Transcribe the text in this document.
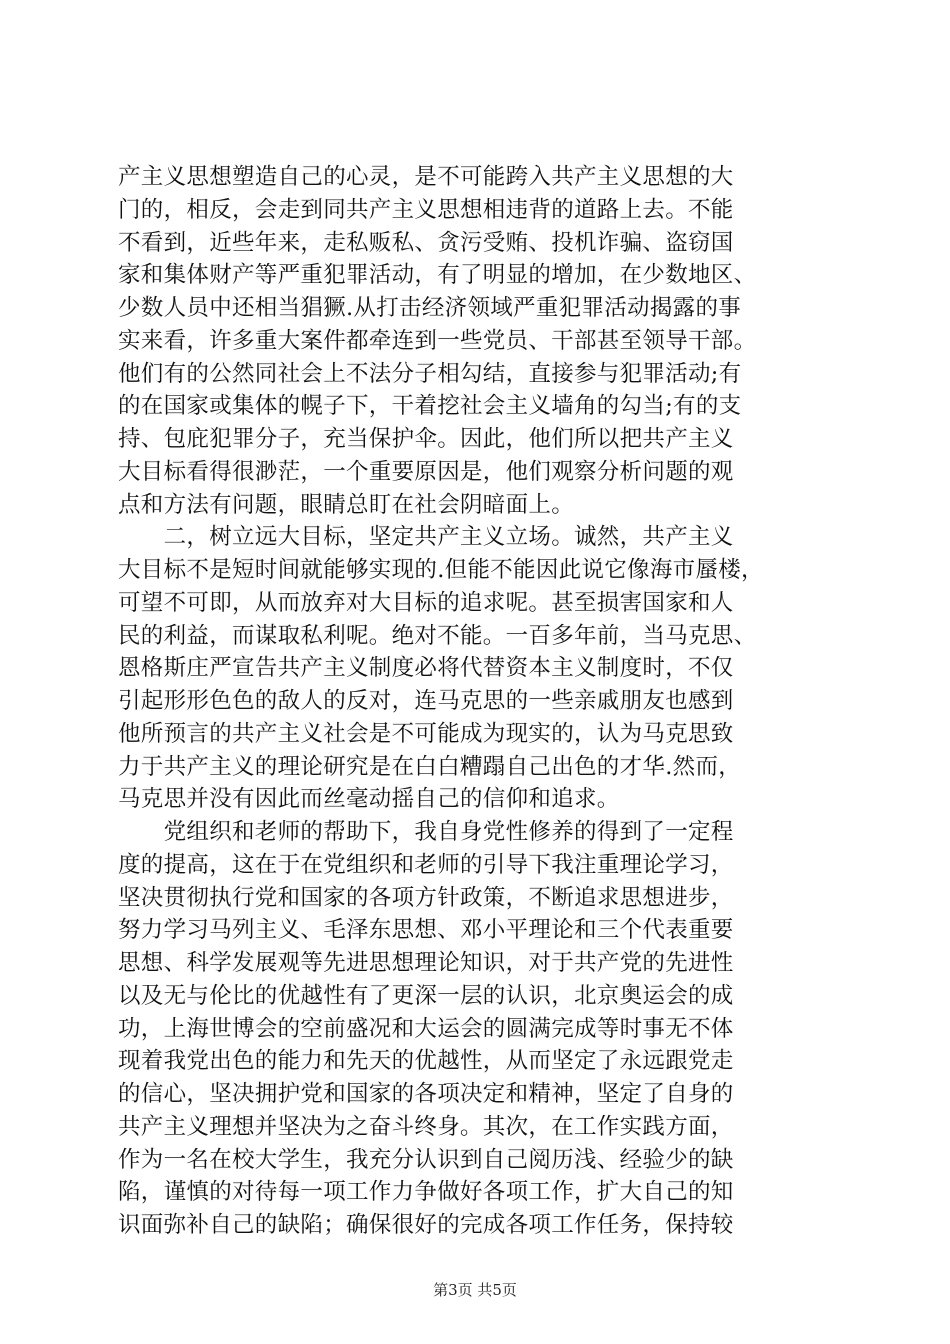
产主义思想塑造自己的心灵，是不可能跨入共产主义思想的大
门的，相反，会走到同共产主义思想相违背的道路上去。不能
不看到，近些年来，走私贩私、贪污受贿、投机诈骗、盗窃国
家和集体财产等严重犯罪活动，有了明显的增加，在少数地区、
少数人员中还相当猖獗.从打击经济领域严重犯罪活动揭露的事
实来看，许多重大案件都牵连到一些党员、干部甚至领导干部。
他们有的公然同社会上不法分子相勾结，直接参与犯罪活动;有
的在国家或集体的幌子下，干着挖社会主义墙角的勾当;有的支
持、包庇犯罪分子，充当保护伞。因此，他们所以把共产主义
大目标看得很渺茫，一个重要原因是，他们观察分析问题的观
点和方法有问题，眼睛总盯在社会阴暗面上。
　　二，树立远大目标，坚定共产主义立场。诚然，共产主义
大目标不是短时间就能够实现的.但能不能因此说它像海市蜃楼，
可望不可即，从而放弃对大目标的追求呢。甚至损害国家和人
民的利益，而谋取私利呢。绝对不能。一百多年前，当马克思、
恩格斯庄严宣告共产主义制度必将代替资本主义制度时，不仅
引起形形色色的敌人的反对，连马克思的一些亲戚朋友也感到
他所预言的共产主义社会是不可能成为现实的，认为马克思致
力于共产主义的理论研究是在白白糟蹋自己出色的才华.然而，
马克思并没有因此而丝毫动摇自己的信仰和追求。
　　党组织和老师的帮助下，我自身党性修养的得到了一定程
度的提高，这在于在党组织和老师的引导下我注重理论学习，
坚决贯彻执行党和国家的各项方针政策，不断追求思想进步，
努力学习马列主义、毛泽东思想、邓小平理论和三个代表重要
思想、科学发展观等先进思想理论知识，对于共产党的先进性
以及无与伦比的优越性有了更深一层的认识，北京奥运会的成
功，上海世博会的空前盛况和大运会的圆满完成等时事无不体
现着我党出色的能力和先天的优越性，从而坚定了永远跟党走
的信心，坚决拥护党和国家的各项决定和精神，坚定了自身的
共产主义理想并坚决为之奋斗终身。其次，在工作实践方面，
作为一名在校大学生，我充分认识到自己阅历浅、经验少的缺
陷，谨慎的对待每一项工作力争做好各项工作，扩大自己的知
识面弥补自己的缺陷；确保很好的完成各项工作任务，保持较
第3页 共5页
